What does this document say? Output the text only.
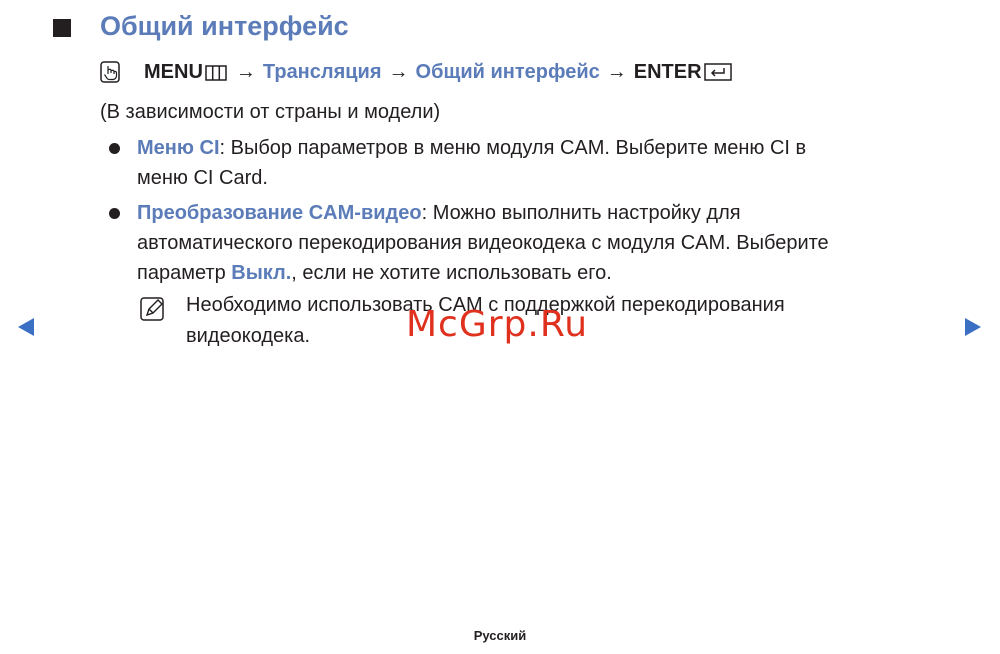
Общий интерфейс
MENU	→ Трансляция → Общий интерфейс → ENTER
(В зависимости от страны и модели)
Меню CI: Выбор параметров в меню модуля CAM. Выберите меню CI в
меню CI Card.
Преобразование CAM-видео: Можно выполнить настройку для
автоматического перекодирования видеокодека с модуля CAM. Выберите
параметр Выкл., если не хотите использовать его.
Необходимо использовать CAM с поддержкой перекодирования
видеокодека.	McGrp.Ru
Русский
